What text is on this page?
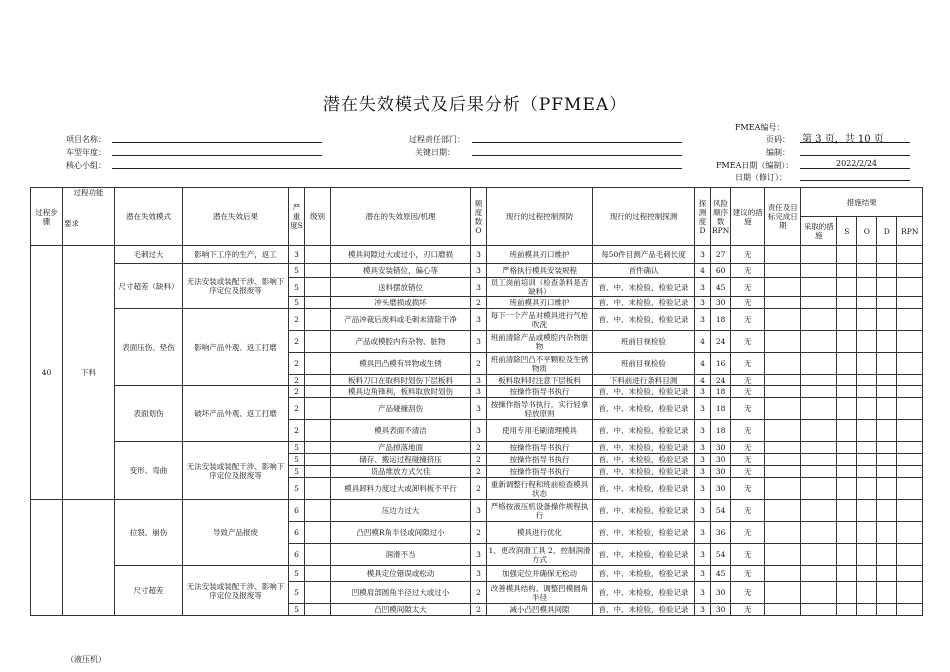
潜在失效模式及后果分析（PFMEA）
FMEA编号：
项目名称：	过程责任部门：	页码： 第 3 页，共 10 页
车型年度：	关键日期：	编制：
核心小组：	FMEA日期（编制）：	2022/2/24
日期（修订）：
过程步骤	过程功能
要求	潜在失效模式	潜在失效后果	严重度S	级别	潜在的失效原因/机理	频度数O	现行的过程控制预防	现行的过程控制探测	探测度D	风险顺序数RPN	建议的措施	责任及目标完成日期	措施结果				
														采取的措施	S	O	D	RPN
40	下料	毛刺过大	影响下工序的生产，返工	3		模具间隙过大或过小，刃口磨损	3	班前模具刃口维护	每50件目测产品毛刺长度	3	27	无						
		尺寸超差（缺料）	无法安装或装配干涉、影响下序定位及报废等	5		模具安装错位，偏心等	3	严格执行模具安装规程	首件确认	4	60	无						
				5		送料摆放错位	3	员工岗前培训（检查条料是否缺料）	首、中、末检验，检验记录	3	45	无						
				5		冲头磨损或损坏	2	班前模具刃口维护	首、中、末检验，检验记录	3	30	无						
		表面压伤、垫伤	影响产品外观、返工打磨	2		产品冲裁后废料或毛刺未清除干净	3	每下一个产品对模具进行气枪吹洗	首、中、末检验，检验记录	3	18	无						
				2		产品或模腔内有杂物、脏物	3	班前清除产品或模腔内杂物脏物	班前目视检验	4	24	无						
				2		模具凹凸模有异物或生锈	2	班前清除凹凸不平颗粒及生锈物质	班前目视检验	4	16	无						
				2		板料刀口在取料时划伤下层板料	3	板料取料时注意下层板料	下料前进行条料目测	4	24	无						
		表面划伤	破坏产品外观、返工打磨	2		模具边角锋利，板料取放时划伤	3	按操作指导书执行	首、中、末检验，检验记录	3	18	无						
				2		产品碰撞刮伤	3	按操作指导书执行，实行轻拿轻放原则	首、中、末检验，检验记录	3	18	无						
				2		模具表面不清洁	3	使用专用毛刷清理模具	首、中、末检验，检验记录	3	18	无						
		变形、弯曲	无法安装或装配干涉、影响下序定位及报废等	5		产品掉落地面	2	按操作指导书执行	首、中、末检验，检验记录	3	30	无						
				5		储存、搬运过程碰撞挤压	2	按操作指导书执行	首、中、末检验，检验记录	3	30	无						
				5		货品堆放方式欠佳	2	按操作指导书执行	首、中、末检验，检验记录	3	30	无						
				5		模具卸料力度过大或卸料板不平行	2	重新调整行程和班前检查模具状态	首、中、末检验，检验记录	3	30	无						
		拉裂、崩伤	导致产品报废	6		压边力过大	3	严格按液压机设备操作规程执行	首、中、末检验，检验记录	3	54	无						
				6		凸凹模R角半径或间隙过小	2	模具进行优化	首、中、末检验，检验记录	3	36	无						
				6		润滑不当	3	1、更改润滑工具 2、控制润滑方式	首、中、末检验，检验记录	3	54	无						
		尺寸超差	无法安装或装配干涉、影响下序定位及报废等	5		模具定位错误或松动	3	加强定位并确保无松动	首、中、末检验，检验记录	3	45	无						
				5		凹模肩部圆角半径过大或过小	2	改善模具结构、调整凹模圆角半径	首、中、末检验，检验记录	3	30	无						
				5		凸凹模间隙太大	2	减小凸凹模具间隙	首、中、末检验，检验记录	3	30	无						
（液压机）
